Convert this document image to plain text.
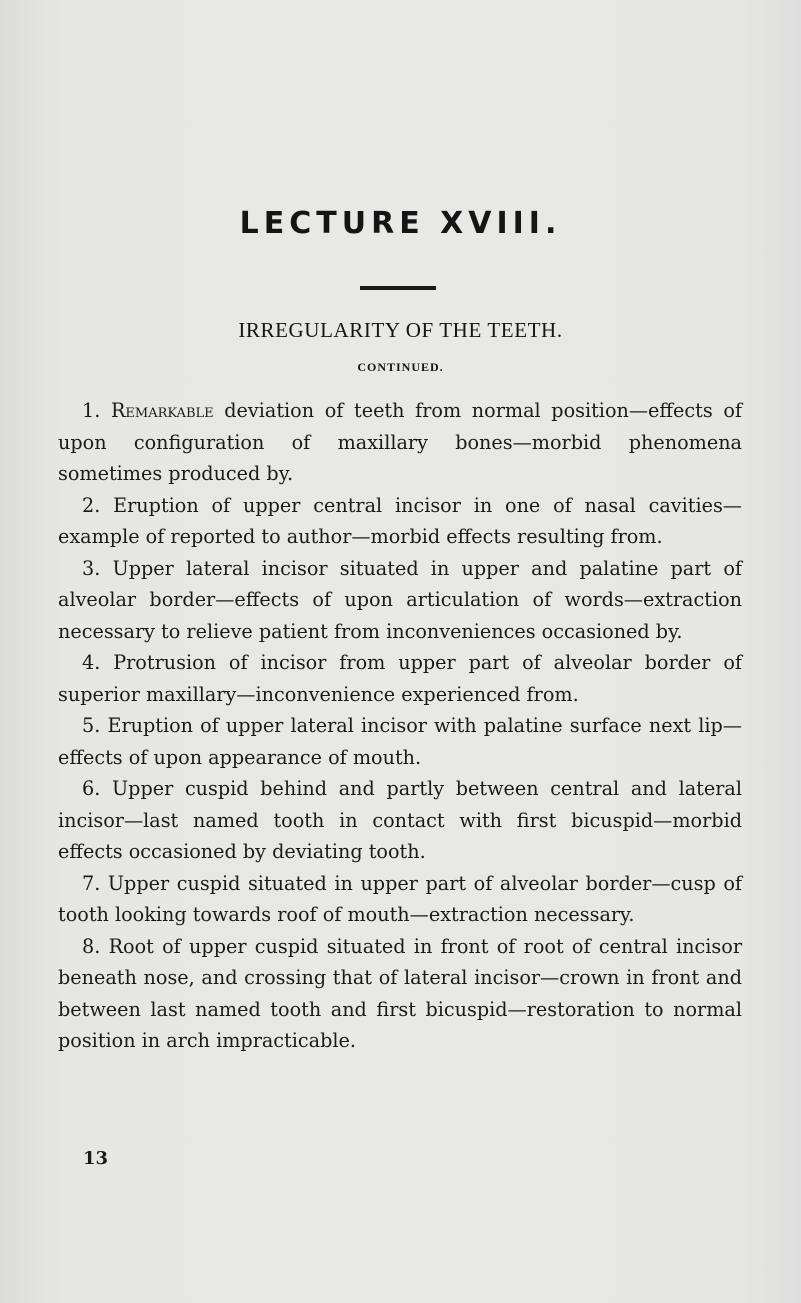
LECTURE XVIII.
IRREGULARITY OF THE TEETH.
CONTINUED.

1. Remarkable deviation of teeth from normal position—effects of upon configuration of maxillary bones—morbid phenomena sometimes produced by.

2. Eruption of upper central incisor in one of nasal cavities—example of reported to author—morbid effects resulting from.

3. Upper lateral incisor situated in upper and palatine part of alveolar border—effects of upon articulation of words—extraction necessary to relieve patient from inconveniences occasioned by.

4. Protrusion of incisor from upper part of alveolar border of superior maxillary—inconvenience experienced from.

5. Eruption of upper lateral incisor with palatine surface next lip—effects of upon appearance of mouth.

6. Upper cuspid behind and partly between central and lateral incisor—last named tooth in contact with first bicuspid—morbid effects occasioned by deviating tooth.

7. Upper cuspid situated in upper part of alveolar border—cusp of tooth looking towards roof of mouth—extraction necessary.

8. Root of upper cuspid situated in front of root of central incisor beneath nose, and crossing that of lateral incisor—crown in front and between last named tooth and first bicuspid—restoration to normal position in arch impracticable.

13
